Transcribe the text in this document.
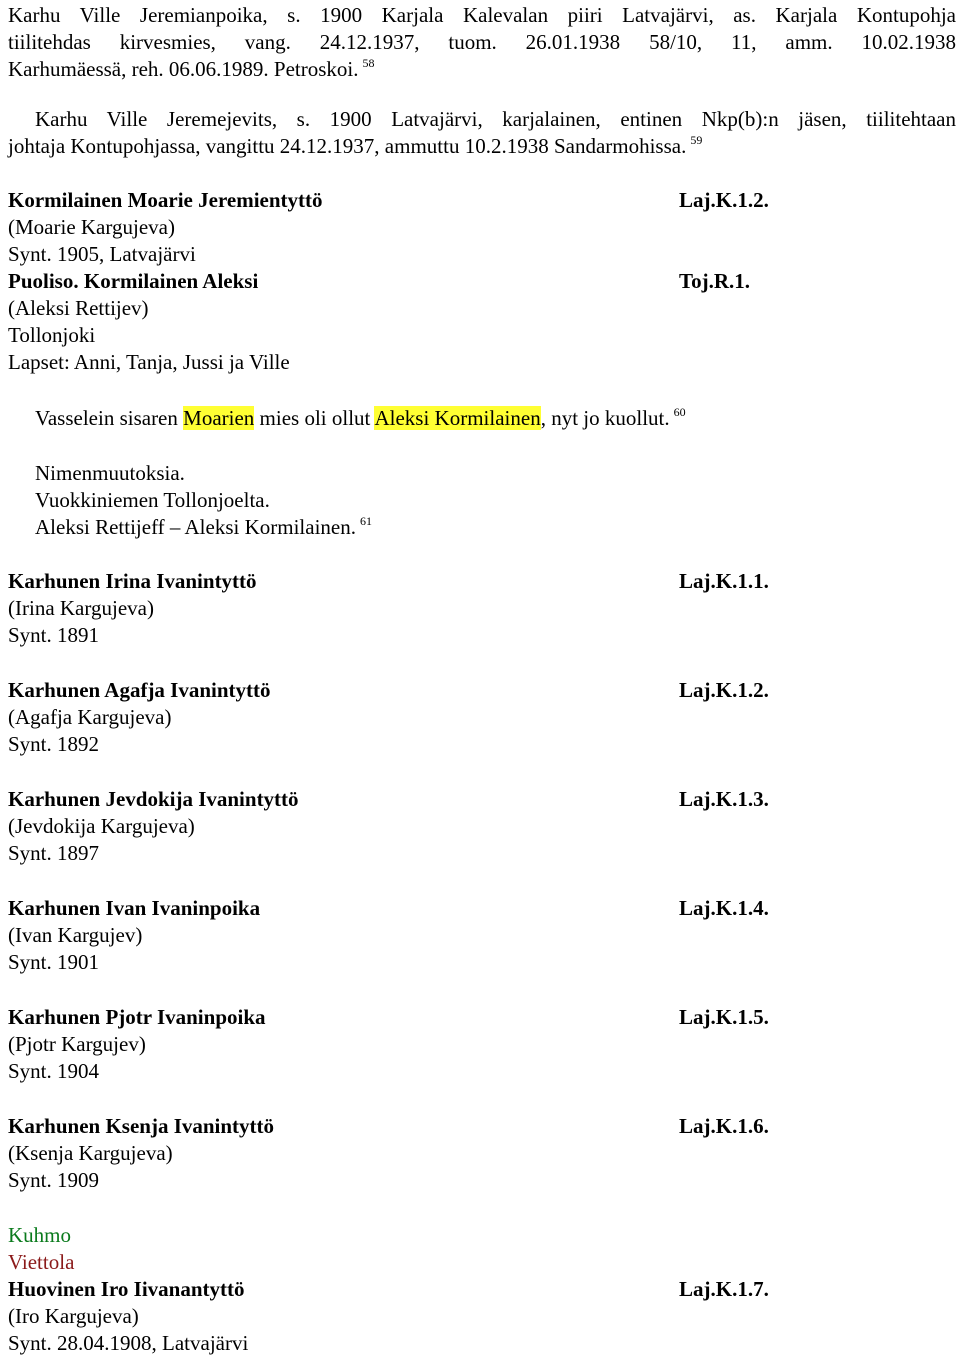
Karhu Ville Jeremianpoika, s. 1900 Karjala Kalevalan piiri Latvajärvi, as. Karjala Kontupohja
tiilitehdas kirvesmies, vang. 24.12.1937, tuom. 26.01.1938 58/10, 11, amm. 10.02.1938
Karhumäessä, reh. 06.06.1989. Petroskoi. $^{58}$
Karhu Ville Jeremejevits, s. 1900 Latvajärvi, karjalainen, entinen Nkp(b):n jäsen, tiilitehtaan
johtaja Kontupohjassa, vangittu 24.12.1937, ammuttu 10.2.1938 Sandarmohissa. $^{59}$
Kormilainen Moarie Jeremientyttö
(Moarie Kargujeva)
Synt. 1905, Latvajärvi
Puoliso. Kormilainen Aleksi
(Aleksi Rettijev)
Tollonjoki
Lapset: Anni, Tanja, Jussi ja Ville
Laj.K.1.2.
Toj.R.1.
Vasselein sisaren Moarien mies oli ollut Aleksi Kormilainen, nyt jo kuollut. $^{60}$
Nimenmuutoksia.
Vuokkiniemen Tollonjoelta.
Aleksi Rettijeff – Aleksi Kormilainen. $^{61}$
Karhunen Irina Ivanintyttö
(Irina Kargujeva)
Synt. 1891
Laj.K.1.1.
Karhunen Agafja Ivanintyttö
(Agafja Kargujeva)
Synt. 1892
Laj.K.1.2.
Karhunen Jevdokija Ivanintyttö
(Jevdokija Kargujeva)
Synt. 1897
Laj.K.1.3.
Karhunen Ivan Ivaninpoika
(Ivan Kargujev)
Synt. 1901
Laj.K.1.4.
Karhunen Pjotr Ivaninpoika
(Pjotr Kargujev)
Synt. 1904
Laj.K.1.5.
Karhunen Ksenja Ivanintyttö
(Ksenja Kargujeva)
Synt. 1909
Laj.K.1.6.
Kuhmo
Viettola
Huovinen Iro Iivanantyttö
(Iro Kargujeva)
Synt. 28.04.1908, Latvajärvi
Laj.K.1.7.
